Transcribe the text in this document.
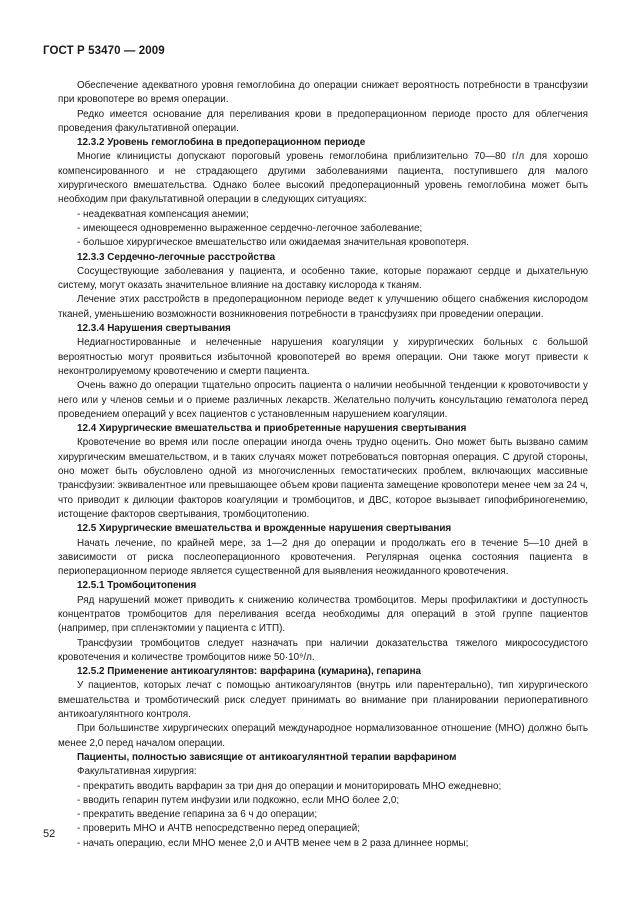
ГОСТ Р 53470 — 2009
Обеспечение адекватного уровня гемоглобина до операции снижает вероятность потребности в трансфузии при кровопотере во время операции.
Редко имеется основание для переливания крови в предоперационном периоде просто для облегчения проведения факультативной операции.
12.3.2 Уровень гемоглобина в предоперационном периоде
Многие клиницисты допускают пороговый уровень гемоглобина приблизительно 70—80 г/л для хорошо компенсированного и не страдающего другими заболеваниями пациента, поступившего для малого хирургического вмешательства. Однако более высокий предоперационный уровень гемоглобина может быть необходим при факультативной операции в следующих ситуациях:
- неадекватная компенсация анемии;
- имеющееся одновременно выраженное сердечно-легочное заболевание;
- большое хирургическое вмешательство или ожидаемая значительная кровопотеря.
12.3.3 Сердечно-легочные расстройства
Сосуществующие заболевания у пациента, и особенно такие, которые поражают сердце и дыхательную систему, могут оказать значительное влияние на доставку кислорода к тканям.
Лечение этих расстройств в предоперационном периоде ведет к улучшению общего снабжения кислородом тканей, уменьшению возможности возникновения потребности в трансфузиях при проведении операции.
12.3.4 Нарушения свертывания
Недиагностированные и нелеченные нарушения коагуляции у хирургических больных с большой вероятностью могут проявиться избыточной кровопотерей во время операции. Они также могут привести к неконтролируемому кровотечению и смерти пациента.
Очень важно до операции тщательно опросить пациента о наличии необычной тенденции к кровоточивости у него или у членов семьи и о приеме различных лекарств. Желательно получить консультацию гематолога перед проведением операций у всех пациентов с установленным нарушением коагуляции.
12.4 Хирургические вмешательства и приобретенные нарушения свертывания
Кровотечение во время или после операции иногда очень трудно оценить. Оно может быть вызвано самим хирургическим вмешательством, и в таких случаях может потребоваться повторная операция. С другой стороны, оно может быть обусловлено одной из многочисленных гемостатических проблем, включающих массивные трансфузии: эквивалентное или превышающее объем крови пациента замещение кровопотери менее чем за 24 ч, что приводит к дилюции факторов коагуляции и тромбоцитов, и ДВС, которое вызывает гипофибриногенемию, истощение факторов свертывания, тромбоцитопению.
12.5 Хирургические вмешательства и врожденные нарушения свертывания
Начать лечение, по крайней мере, за 1—2 дня до операции и продолжать его в течение 5—10 дней в зависимости от риска послеоперационного кровотечения. Регулярная оценка состояния пациента в периоперационном периоде является существенной для выявления неожиданного кровотечения.
12.5.1 Тромбоцитопения
Ряд нарушений может приводить к снижению количества тромбоцитов. Меры профилактики и доступность концентратов тромбоцитов для переливания всегда необходимы для операций в этой группе пациентов (например, при спленэктомии у пациента с ИТП).
Трансфузии тромбоцитов следует назначать при наличии доказательства тяжелого микрососудистого кровотечения и количестве тромбоцитов ниже 50·10⁹/л.
12.5.2 Применение антикоагулянтов: варфарина (кумарина), гепарина
У пациентов, которых лечат с помощью антикоагулянтов (внутрь или парентерально), тип хирургического вмешательства и тромботический риск следует принимать во внимание при планировании периоперативного антикоагулянтного контроля.
При большинстве хирургических операций международное нормализованное отношение (МНО) должно быть менее 2,0 перед началом операции.
Пациенты, полностью зависящие от антикоагулянтной терапии варфарином
Факультативная хирургия:
- прекратить вводить варфарин за три дня до операции и мониторировать МНО ежедневно;
- вводить гепарин путем инфузии или подкожно, если МНО более 2,0;
- прекратить введение гепарина за 6 ч до операции;
- проверить МНО и АЧТВ непосредственно перед операцией;
- начать операцию, если МНО менее 2,0 и АЧТВ менее чем в 2 раза длиннее нормы;
52
